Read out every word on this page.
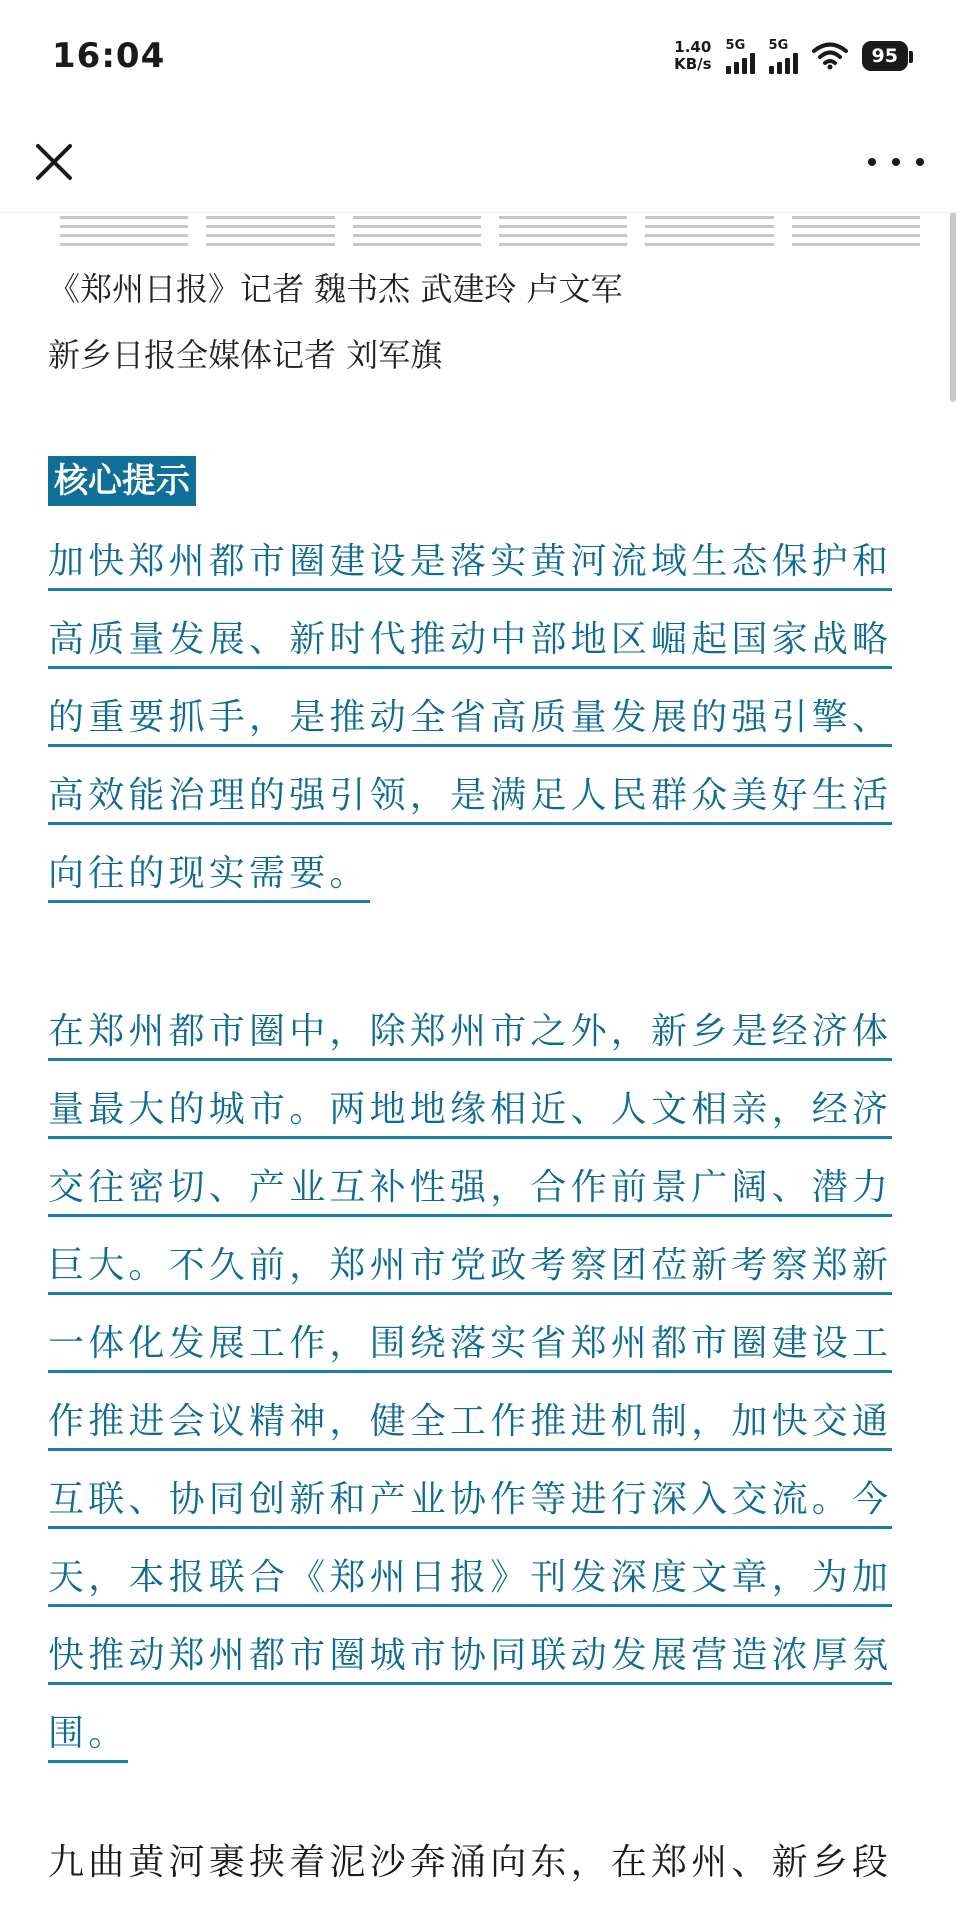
16:04	1.40
KB/s
5G 5G	95
《郑州日报》记者 魏书杰 武建玲 卢文军
新乡日报全媒体记者 刘军旗
核心提示
加快郑州都市圈建设是落实黄河流域生态保护和
高质量发展、新时代推动中部地区崛起国家战略
的重要抓手，是推动全省高质量发展的强引擎、
高效能治理的强引领，是满足人民群众美好生活
向往的现实需要。
在郑州都市圈中，除郑州市之外，新乡是经济体
量最大的城市。两地地缘相近、人文相亲，经济
交往密切、产业互补性强，合作前景广阔、潜力
巨大。不久前，郑州市党政考察团莅新考察郑新
一体化发展工作，围绕落实省郑州都市圈建设工
作推进会议精神，健全工作推进机制，加快交通
互联、协同创新和产业协作等进行深入交流。今
天，本报联合《郑州日报》刊发深度文章，为加
快推动郑州都市圈城市协同联动发展营造浓厚氛
围。
九曲黄河裹挟着泥沙奔涌向东，在郑州、新乡段
